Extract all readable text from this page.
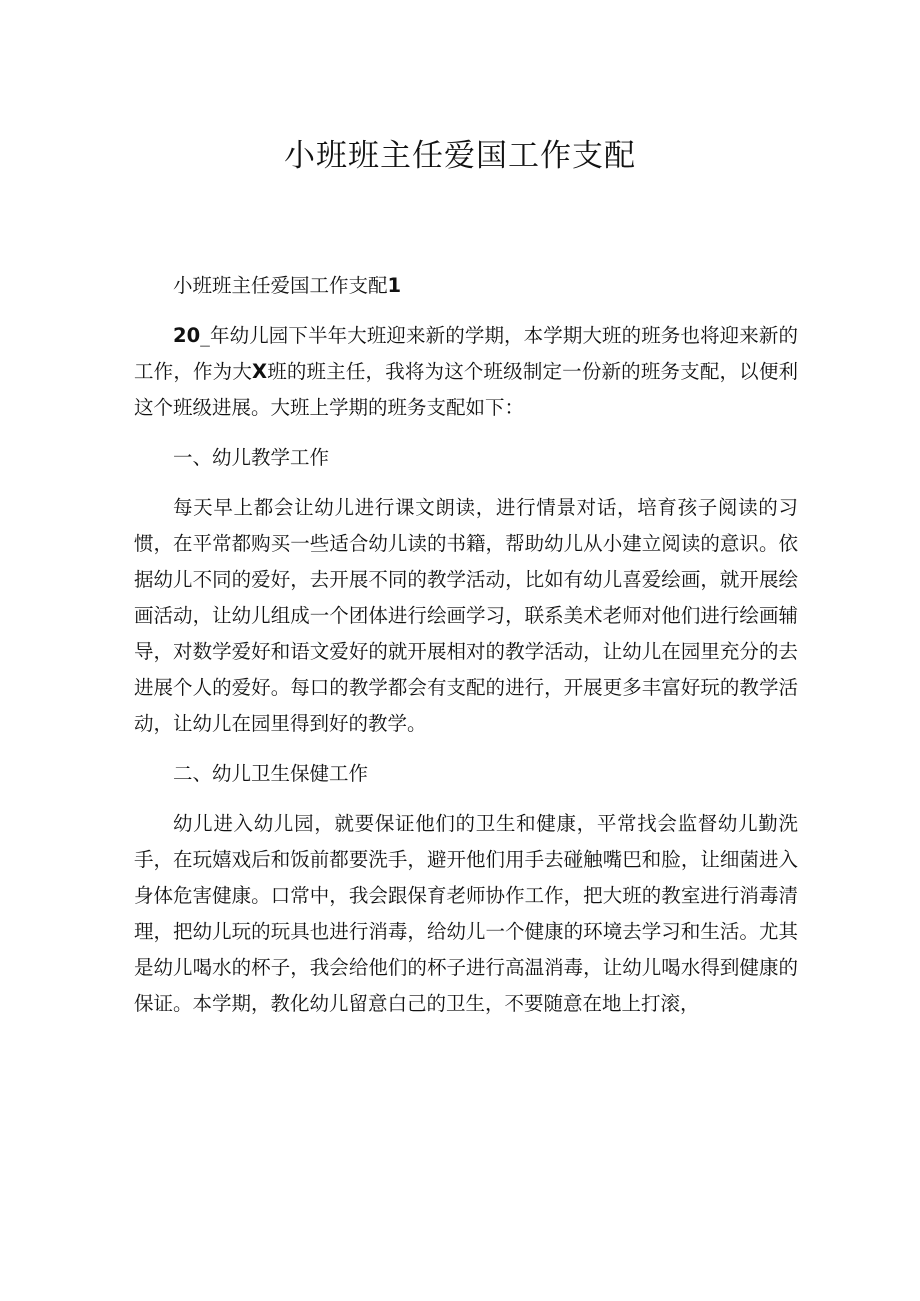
小班班主任爱国工作支配

小班班主任爱国工作支配1

20_年幼儿园下半年大班迎来新的学期，本学期大班的班务也将迎来新的工作，作为大X班的班主任，我将为这个班级制定一份新的班务支配，以便利这个班级进展。大班上学期的班务支配如下：

一、幼儿教学工作

每天早上都会让幼儿进行课文朗读，进行情景对话，培育孩子阅读的习惯，在平常都购买一些适合幼儿读的书籍，帮助幼儿从小建立阅读的意识。依据幼儿不同的爱好，去开展不同的教学活动，比如有幼儿喜爱绘画，就开展绘画活动，让幼儿组成一个团体进行绘画学习，联系美术老师对他们进行绘画辅导，对数学爱好和语文爱好的就开展相对的教学活动，让幼儿在园里充分的去进展个人的爱好。每口的教学都会有支配的进行，开展更多丰富好玩的教学活动，让幼儿在园里得到好的教学。

二、幼儿卫生保健工作

幼儿进入幼儿园，就要保证他们的卫生和健康，平常找会监督幼儿勤洗手，在玩嬉戏后和饭前都要洗手，避开他们用手去碰触嘴巴和脸，让细菌进入身体危害健康。口常中，我会跟保育老师协作工作，把大班的教室进行消毒清理，把幼儿玩的玩具也进行消毒，给幼儿一个健康的环境去学习和生活。尤其是幼儿喝水的杯子，我会给他们的杯子进行高温消毒，让幼儿喝水得到健康的保证。本学期，教化幼儿留意白己的卫生，不要随意在地上打滚，
